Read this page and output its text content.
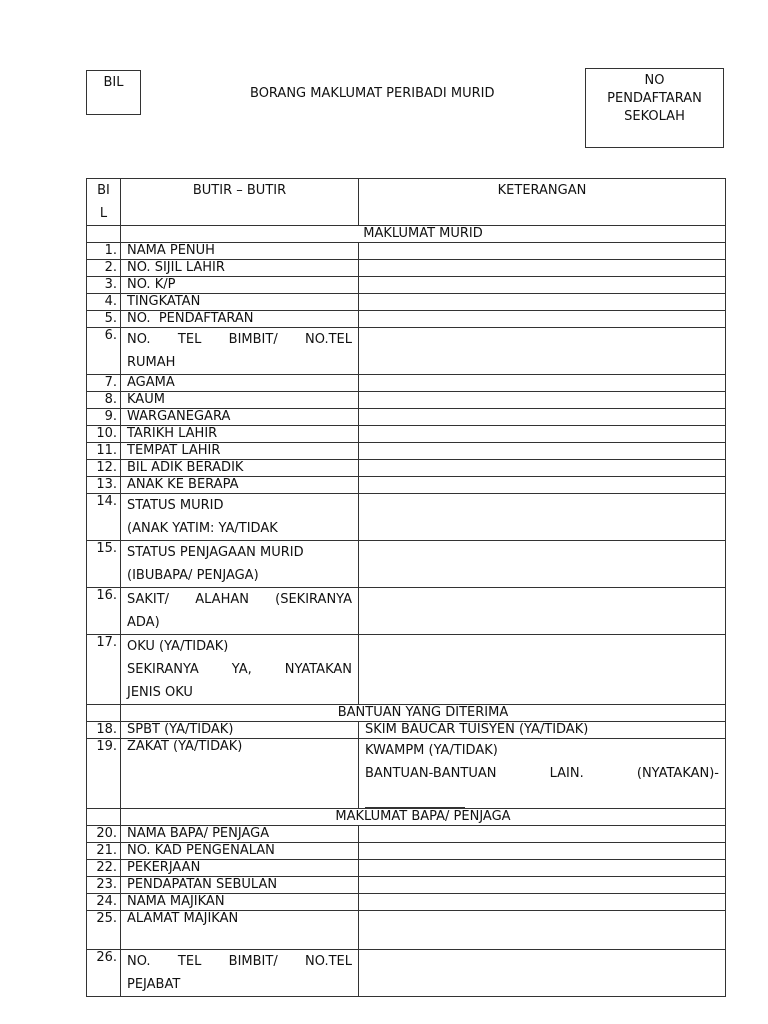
BIL
BORANG MAKLUMAT PERIBADI MURID
NO
PENDAFTARAN
SEKOLAH
BI
L	BUTIR – BUTIR	KETERANGAN
	MAKLUMAT MURID	
1.	NAMA PENUH	
2.	NO. SIJIL LAHIR	
3.	NO. K/P	
4.	TINGKATAN	
5.	NO.  PENDAFTARAN	
6.	NO. TEL BIMBIT/ NO.TEL
RUMAH	

7.	AGAMA	
8.	KAUM	
9.	WARGANEGARA	
10.	TARIKH LAHIR	
11.	TEMPAT LAHIR	
12.	BIL ADIK BERADIK	
13.	ANAK KE BERAPA	
14.	STATUS MURID
(ANAK YATIM: YA/TIDAK	

15.	STATUS PENJAGAAN MURID
(IBUBAPA/ PENJAGA)	

16.	SAKIT/ ALAHAN (SEKIRANYA
ADA)	

17.	OKU (YA/TIDAK)
SEKIRANYA YA, NYATAKAN
JENIS OKU	

	BANTUAN YANG DITERIMA	
18.	SPBT (YA/TIDAK)	SKIM BAUCAR TUISYEN (YA/TIDAK)
19.	ZAKAT (YA/TIDAK)	KWAMPM (YA/TIDAK)
BANTUAN-BANTUAN LAIN. (NYATAKAN)-

	MAKLUMAT BAPA/ PENJAGA	
20.	NAMA BAPA/ PENJAGA	
21.	NO. KAD PENGENALAN	
22.	PEKERJAAN	
23.	PENDAPATAN SEBULAN	
24.	NAMA MAJIKAN	
25.	ALAMAT MAJIKAN	
26.	NO. TEL BIMBIT/ NO.TEL
PEJABAT	
